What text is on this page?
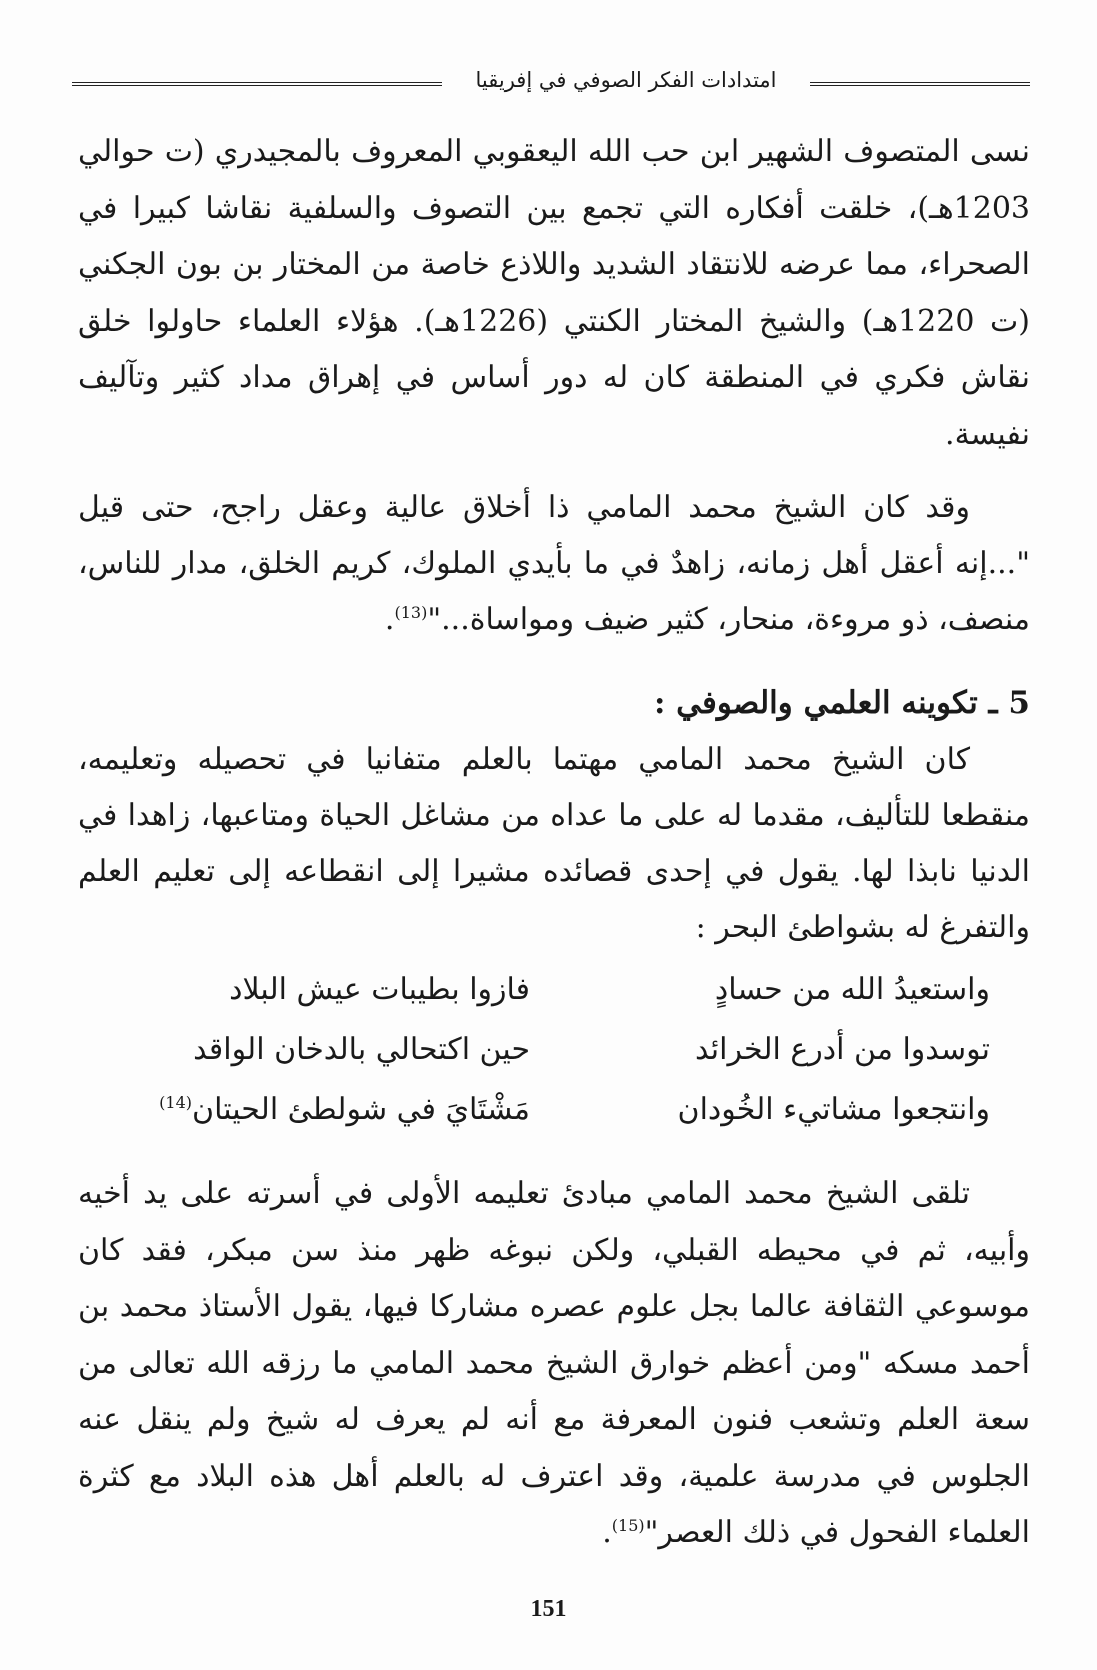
امتدادات الفكر الصوفي في إفريقيا

نسى المتصوف الشهير ابن حب الله اليعقوبي المعروف بالمجيدري (ت حوالي 1203هـ)، خلقت أفكاره التي تجمع بين التصوف والسلفية نقاشا كبيرا في الصحراء، مما عرضه للانتقاد الشديد واللاذع خاصة من المختار بن بون الجكني (ت 1220هـ) والشيخ المختار الكنتي (1226هـ). هؤلاء العلماء حاولوا خلق نقاش فكري في المنطقة كان له دور أساس في إهراق مداد كثير وتآليف نفيسة.

وقد كان الشيخ محمد المامي ذا أخلاق عالية وعقل راجح، حتى قيل "...إنه أعقل أهل زمانه، زاهدٌ في ما بأيدي الملوك، كريم الخلق، مدار للناس، منصف، ذو مروءة، منحار، كثير ضيف ومواساة..."$^{(13)}$.

5 ـ تكوينه العلمي والصوفي :

كان الشيخ محمد المامي مهتما بالعلم متفانيا في تحصيله وتعليمه، منقطعا للتأليف، مقدما له على ما عداه من مشاغل الحياة ومتاعبها، زاهدا في الدنيا نابذا لها. يقول في إحدى قصائده مشيرا إلى انقطاعه إلى تعليم العلم والتفرغ له بشواطئ البحر :

واستعيدُ الله من حسادٍ
فازوا بطيبات عيش البلاد
توسدوا من أدرع الخرائد
حين اكتحالي بالدخان الواقد
وانتجعوا مشاتيء الخُودان
مَشْتَايَ في شولطئ الحيتان$^{(14)}$

تلقى الشيخ محمد المامي مبادئ تعليمه الأولى في أسرته على يد أخيه وأبيه، ثم في محيطه القبلي، ولكن نبوغه ظهر منذ سن مبكر، فقد كان موسوعي الثقافة عالما بجل علوم عصره مشاركا فيها، يقول الأستاذ محمد بن أحمد مسكه "ومن أعظم خوارق الشيخ محمد المامي ما رزقه الله تعالى من سعة العلم وتشعب فنون المعرفة مع أنه لم يعرف له شيخ ولم ينقل عنه الجلوس في مدرسة علمية، وقد اعترف له بالعلم أهل هذه البلاد مع كثرة العلماء الفحول في ذلك العصر"$^{(15)}$.

151
